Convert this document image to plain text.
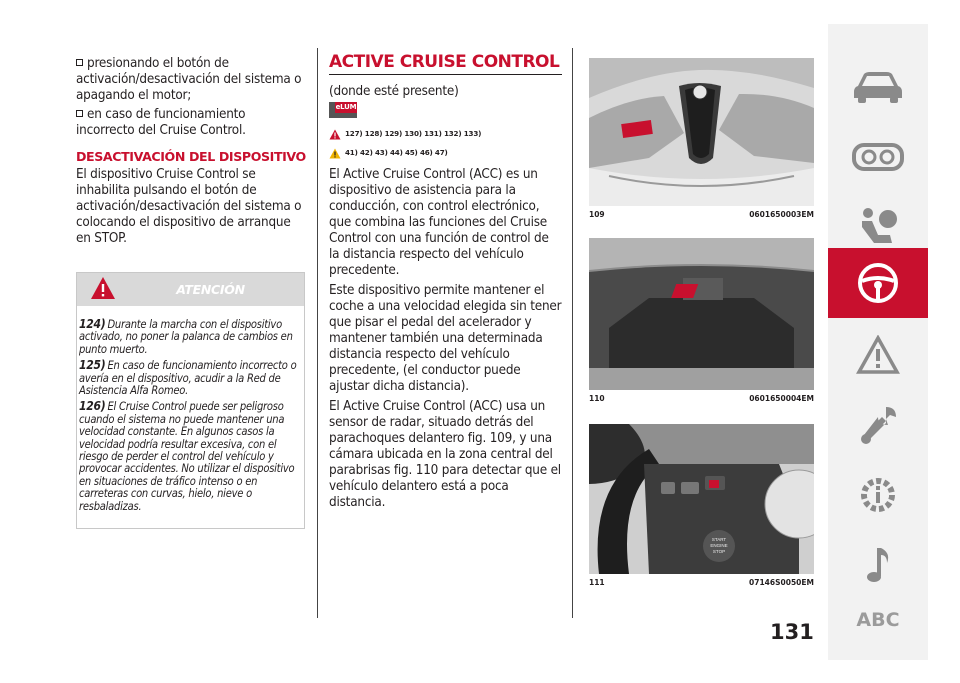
presionando el botón de activación/desactivación del sistema o apagando el motor;
en caso de funcionamiento incorrecto del Cruise Control.
DESACTIVACIÓN DEL DISPOSITIVO

El dispositivo Cruise Control se inhabilita pulsando el botón de activación/desactivación del sistema o colocando el dispositivo de arranque en STOP.

ATENCIÓN

124) Durante la marcha con el dispositivo activado, no poner la palanca de cambios en punto muerto.

125) En caso de funcionamiento incorrecto o avería en el dispositivo, acudir a la Red de Asistencia Alfa Romeo.

126) El Cruise Control puede ser peligroso cuando el sistema no puede mantener una velocidad constante. En algunos casos la velocidad podría resultar excesiva, con el riesgo de perder el control del vehículo y provocar accidentes. No utilizar el dispositivo en situaciones de tráfico intenso o en carreteras con curvas, hielo, nieve o resbaladizas.

ACTIVE CRUISE CONTROL
(donde esté presente)
eLUM
127) 128) 129) 130) 131) 132) 133)
41) 42) 43) 44) 45) 46) 47)

El Active Cruise Control (ACC) es un dispositivo de asistencia para la conducción, con control electrónico, que combina las funciones del Cruise Control con una función de control de la distancia respecto del vehículo precedente.

Este dispositivo permite mantener el coche a una velocidad elegida sin tener que pisar el pedal del acelerador y mantener también una determinada distancia respecto del vehículo precedente, (el conductor puede ajustar dicha distancia).

El Active Cruise Control (ACC) usa un sensor de radar, situado detrás del parachoques delantero fig. 109, y una cámara ubicada en la zona central del parabrisas fig. 110 para detectar que el vehículo delantero está a poca distancia.

109	0601650003EM
110	0601650004EM
START
ENGINE
STOP
111	07146S0050EM
131 ABC
